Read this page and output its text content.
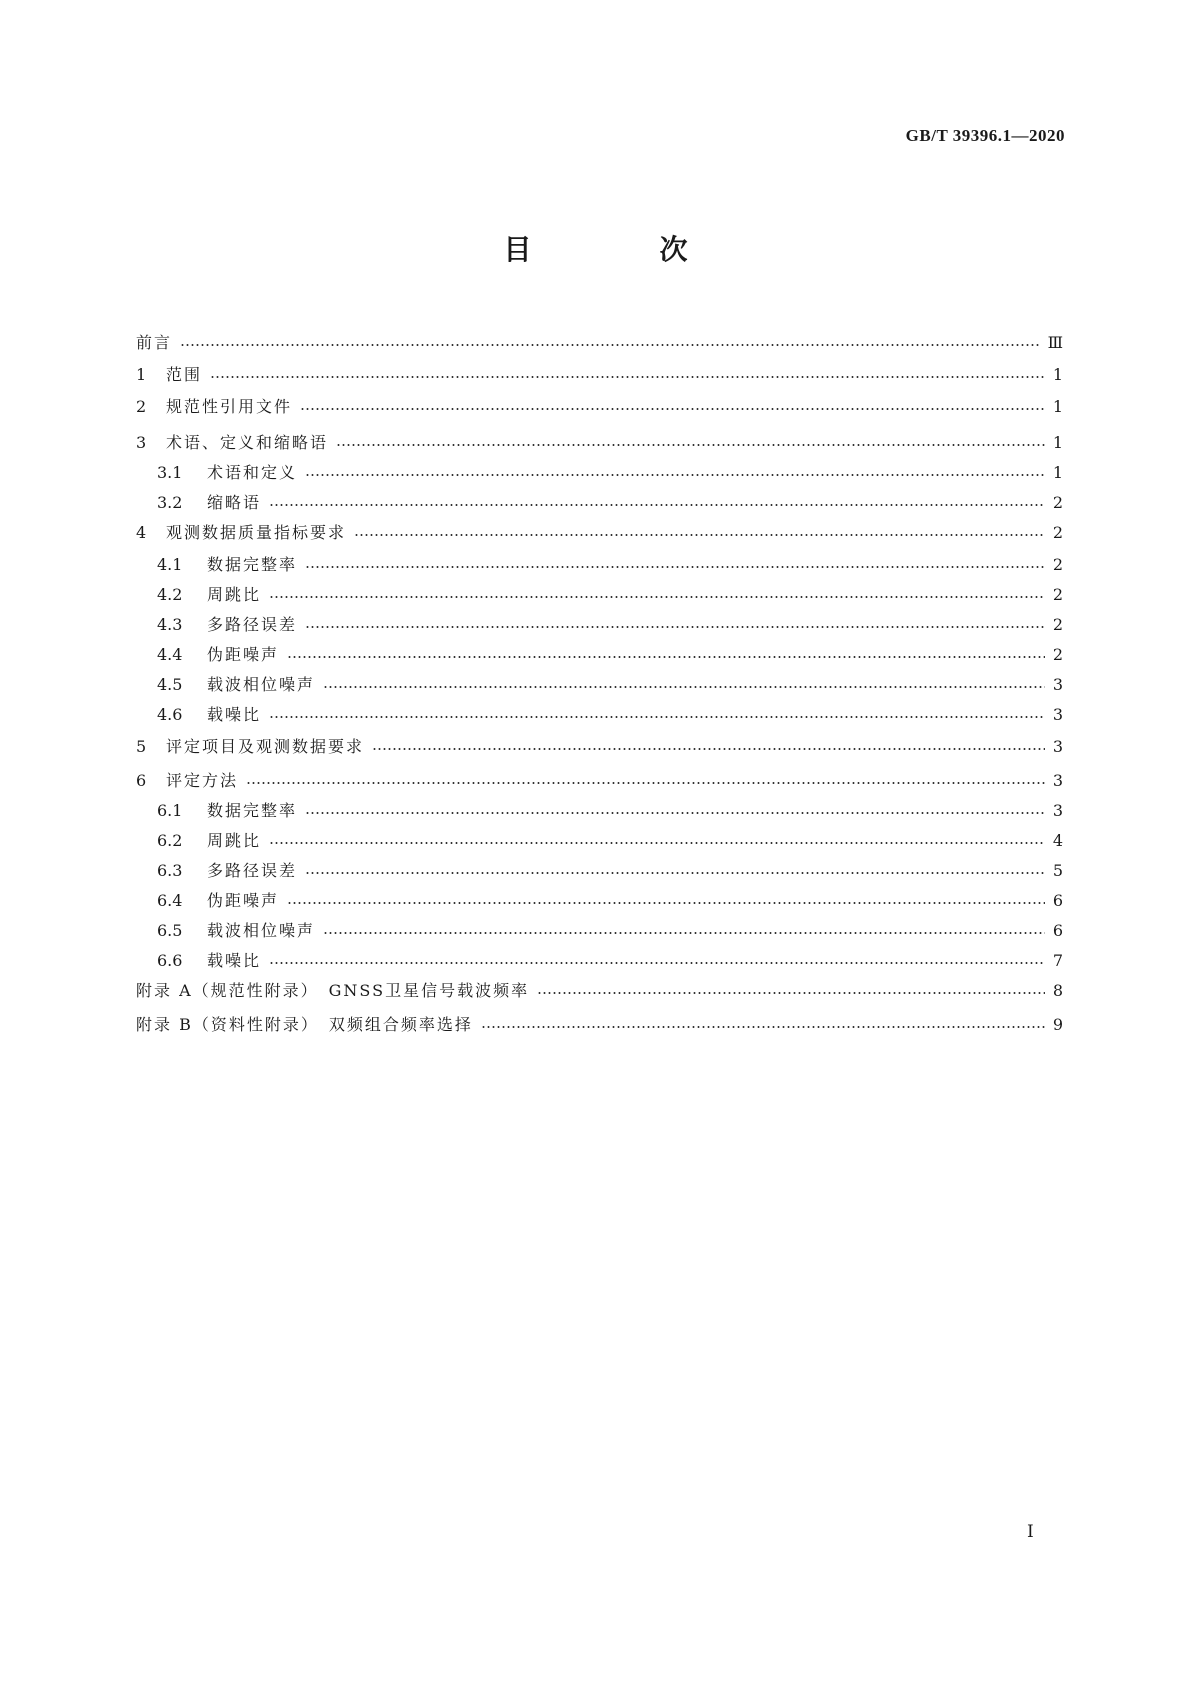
GB/T 39396.1—2020
目　次
前言	Ⅲ
1	范围	1
2	规范性引用文件	1
3	术语、定义和缩略语	1
3.1	术语和定义	1
3.2	缩略语	2
4	观测数据质量指标要求	2
4.1	数据完整率	2
4.2	周跳比	2
4.3	多路径误差	2
4.4	伪距噪声	2
4.5	载波相位噪声	3
4.6	载噪比	3
5	评定项目及观测数据要求	3
6	评定方法	3
6.1	数据完整率	3
6.2	周跳比	4
6.3	多路径误差	5
6.4	伪距噪声	6
6.5	载波相位噪声	6
6.6	载噪比	7
附录 A（规范性附录）　GNSS卫星信号载波频率	8
附录 B（资料性附录）　双频组合频率选择	9
I
